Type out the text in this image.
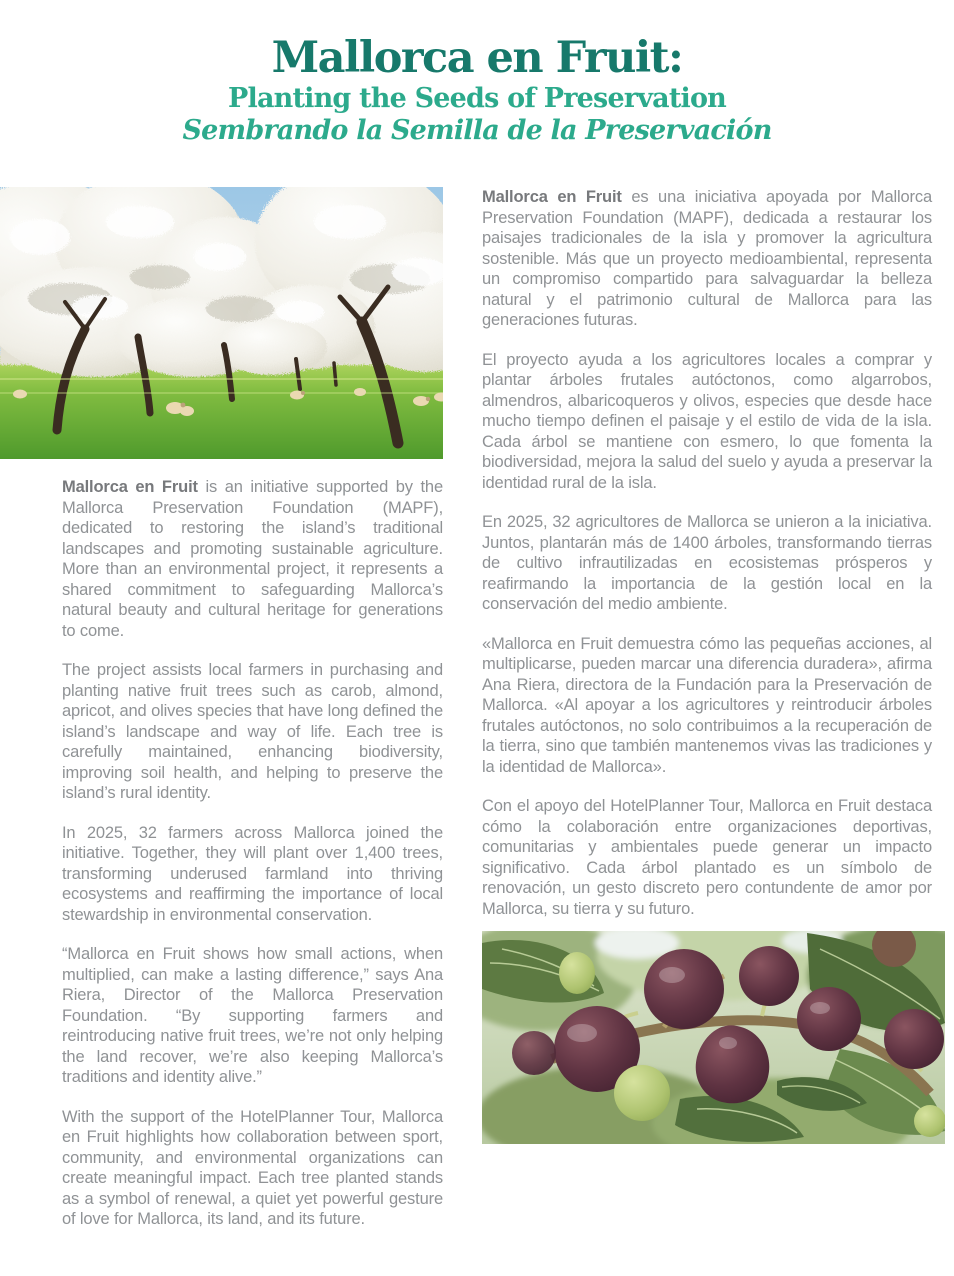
Mallorca en Fruit:
Planting the Seeds of Preservation
Sembrando la Semilla de la Preservación

Mallorca en Fruit is an initiative supported by the Mallorca Preservation Foundation (MAPF), dedicated to restoring the island’s traditional landscapes and promoting sustainable agriculture. More than an environmental project, it represents a shared commitment to safeguarding Mallorca’s natural beauty and cultural heritage for generations to come.

The project assists local farmers in purchasing and planting native fruit trees such as carob, almond, apricot, and olives species that have long defined the island’s landscape and way of life. Each tree is carefully maintained, enhancing biodiversity, improving soil health, and helping to preserve the island’s rural identity.

In 2025, 32 farmers across Mallorca joined the initiative. Together, they will plant over 1,400 trees, transforming underused farmland into thriving ecosystems and reaffirming the importance of local stewardship in environmental conservation.

“Mallorca en Fruit shows how small actions, when multiplied, can make a lasting difference,” says Ana Riera, Director of the Mallorca Preservation Foundation. “By supporting farmers and reintroducing native fruit trees, we’re not only helping the land recover, we’re also keeping Mallorca’s traditions and identity alive.”

With the support of the HotelPlanner Tour, Mallorca en Fruit highlights how collaboration between sport, community, and environmental organizations can create meaningful impact. Each tree planted stands as a symbol of renewal, a quiet yet powerful gesture of love for Mallorca, its land, and its future.

Mallorca en Fruit es una iniciativa apoyada por Mallorca Preservation Foundation (MAPF), dedicada a restaurar los paisajes tradicionales de la isla y promover la agricultura sostenible. Más que un proyecto medioambiental, representa un compromiso compartido para salvaguardar la belleza natural y el patrimonio cultural de Mallorca para las generaciones futuras.

El proyecto ayuda a los agricultores locales a comprar y plantar árboles frutales autóctonos, como algarrobos, almendros, albaricoqueros y olivos, especies que desde hace mucho tiempo definen el paisaje y el estilo de vida de la isla. Cada árbol se mantiene con esmero, lo que fomenta la biodiversidad, mejora la salud del suelo y ayuda a preservar la identidad rural de la isla.

En 2025, 32 agricultores de Mallorca se unieron a la iniciativa. Juntos, plantarán más de 1400 árboles, transformando tierras de cultivo infrautilizadas en ecosistemas prósperos y reafirmando la importancia de la gestión local en la conservación del medio ambiente.

«Mallorca en Fruit demuestra cómo las pequeñas acciones, al multiplicarse, pueden marcar una diferencia duradera», afirma Ana Riera, directora de la Fundación para la Preservación de Mallorca. «Al apoyar a los agricultores y reintroducir árboles frutales autóctonos, no solo contribuimos a la recuperación de la tierra, sino que también mantenemos vivas las tradiciones y la identidad de Mallorca».

Con el apoyo del HotelPlanner Tour, Mallorca en Fruit destaca cómo la colaboración entre organizaciones deportivas, comunitarias y ambientales puede generar un impacto significativo. Cada árbol plantado es un símbolo de renovación, un gesto discreto pero contundente de amor por Mallorca, su tierra y su futuro.
